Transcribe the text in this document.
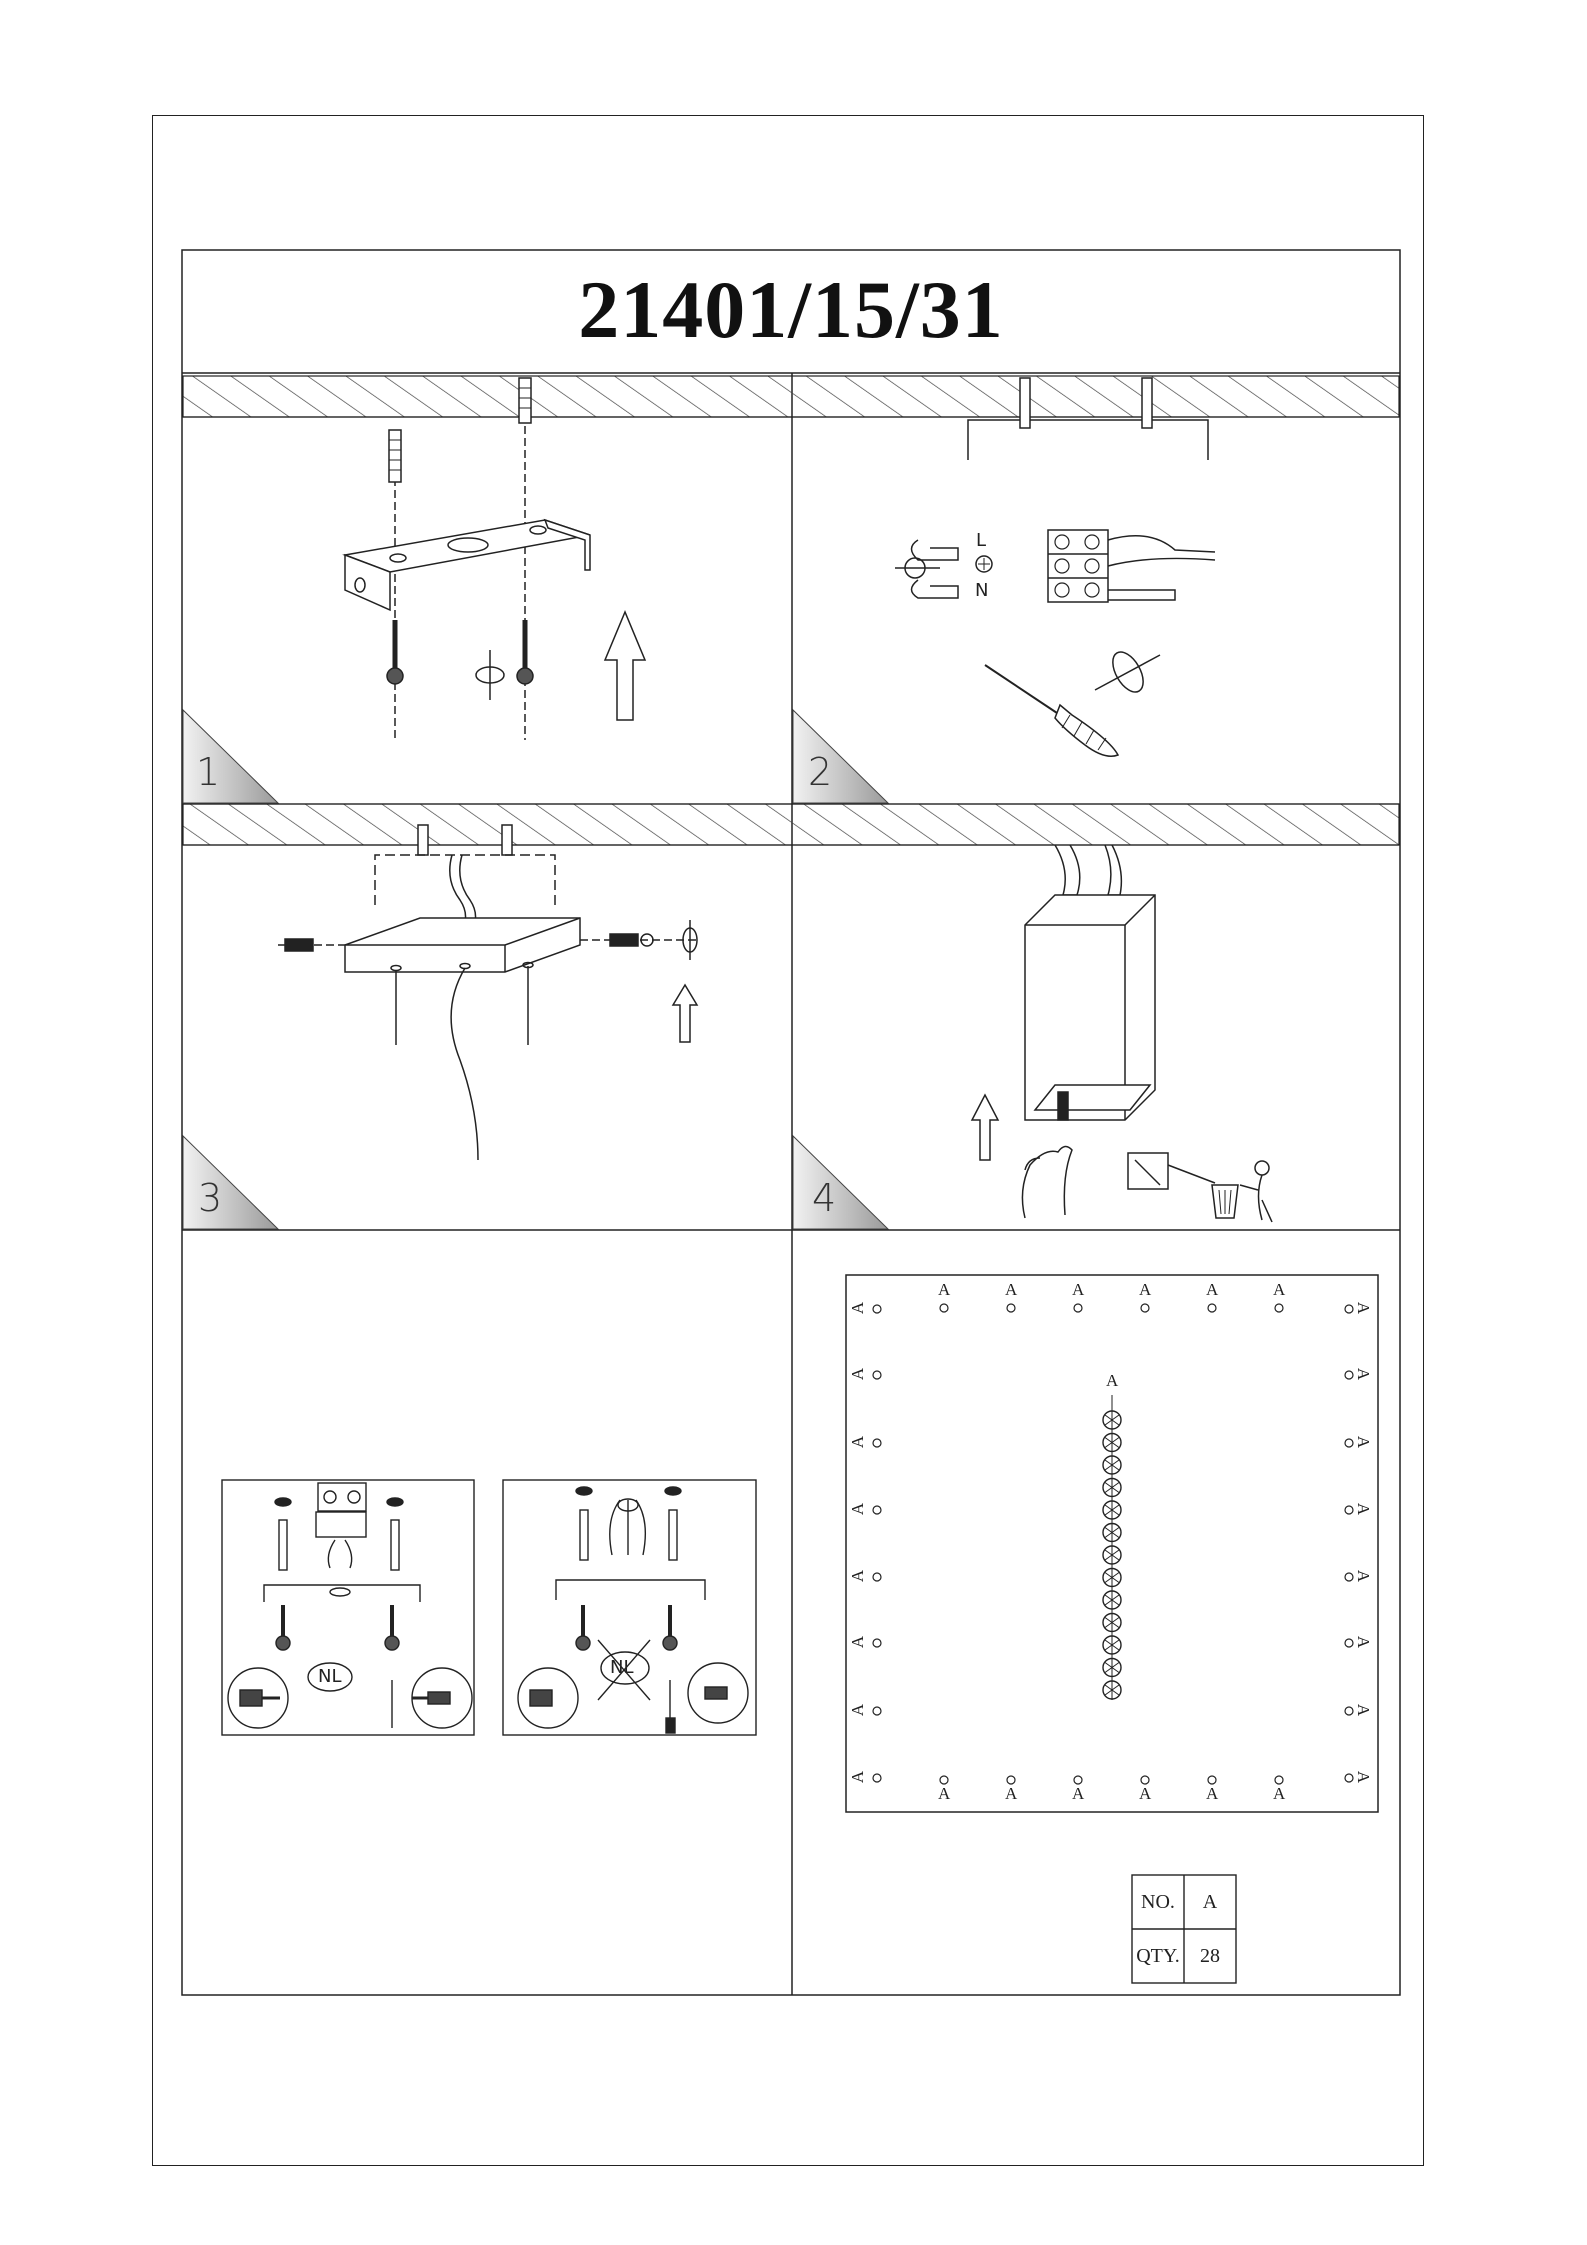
21401/15/31
1	2
3	4
L
N
NL	NL
A	A	A	A	A	A
A	A	A	A	A	A
A	A
A	A
A	A
A	A
A	A
A	A
A	A
A	A
A
NO.	A
QTY.	28
